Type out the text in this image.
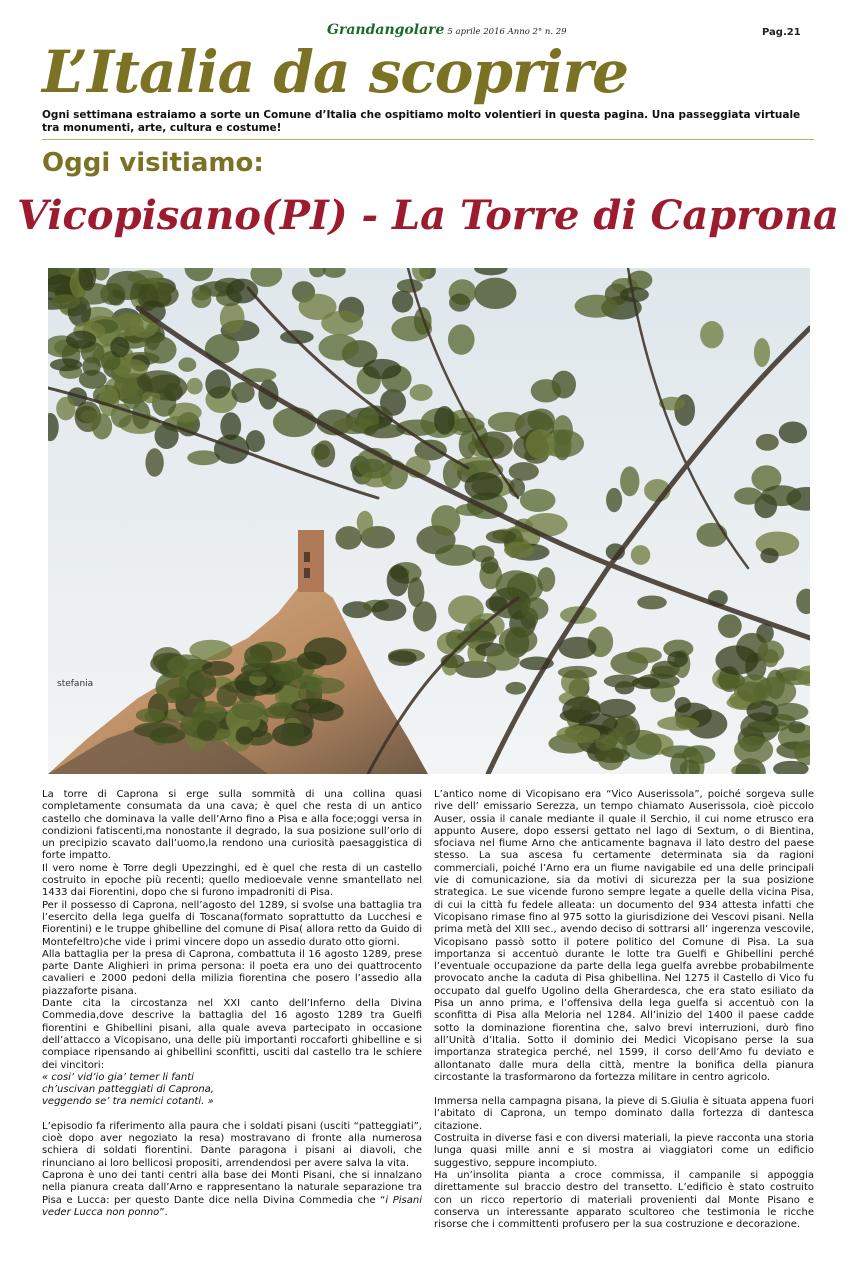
Grandangolare 5 aprile 2016 Anno 2° n. 29	Pag.21
L’Italia da scoprire
Ogni settimana estraiamo a sorte un Comune d’Italia che ospitiamo molto volentieri in questa pagina. Una passeggiata virtuale tra monumenti, arte, cultura e costume!
Oggi visitiamo:
Vicopisano(PI) - La Torre di Caprona
stefania

La torre di Caprona si erge sulla sommità di una collina quasi completamente consumata da una cava; è quel che resta di un antico castello che dominava la valle dell’Arno fino a Pisa e alla foce;oggi versa in condizioni fatiscenti,ma nonostante il degrado, la sua posizione sull’orlo di un precipizio scavato dall’uomo,la rendono una curiosità paesaggistica di forte impatto.

Il vero nome è Torre degli Upezzinghi, ed è quel che resta di un castello costruito in epoche più recenti; quello medioevale venne smantellato nel 1433 dai Fiorentini, dopo che si furono impadroniti di Pisa.

Per il possesso di Caprona, nell’agosto del 1289, si svolse una battaglia tra l’esercito della lega guelfa di Toscana(formato soprattutto da Lucchesi e Fiorentini) e le truppe ghibelline del comune di Pisa( allora retto da Guido di Montefeltro)che vide i primi vincere dopo un assedio durato otto giorni.

Alla battaglia per la presa di Caprona, combattuta il 16 agosto 1289, prese parte Dante Alighieri in prima persona: il poeta era uno dei quattrocento cavalieri e 2000 pedoni della milizia fiorentina che posero l’assedio alla piazzaforte pisana.

Dante cita la circostanza nel XXI canto dell’Inferno della Divina Commedia,dove descrive la battaglia del 16 agosto 1289 tra Guelfi fiorentini e Ghibellini pisani, alla quale aveva partecipato in occasione dell’attacco a Vicopisano, una delle più importanti roccaforti ghibelline e si compiace ripensando ai ghibellini sconfitti, usciti dal castello tra le schiere dei vincitori:

« cosi’ vid’io gia’ temer li fanti

ch’uscivan patteggiati di Caprona,

veggendo se’ tra nemici cotanti. »

L’episodio fa riferimento alla paura che i soldati pisani (usciti “patteggiati”, cioè dopo aver negoziato la resa) mostravano di fronte alla numerosa schiera di soldati fiorentini. Dante paragona i pisani ai diavoli, che rinunciano ai loro bellicosi propositi, arrendendosi per avere salva la vita.

Caprona è uno dei tanti centri alla base dei Monti Pisani, che si innalzano nella pianura creata dall’Arno e rappresentano la naturale separazione tra Pisa e Lucca: per questo Dante dice nella Divina Commedia che “i Pisani veder Lucca non ponno”.

L’antico nome di Vicopisano era “Vico Auserissola”, poiché sorgeva sulle rive dell’ emissario Serezza, un tempo chiamato Auserissola, cioè piccolo Auser, ossia il canale mediante il quale il Serchio, il cui nome etrusco era appunto Ausere, dopo essersi gettato nel lago di Sextum, o di Bientina, sfociava nel fiume Arno che anticamente bagnava il lato destro del paese stesso. La sua ascesa fu certamente determinata sia da ragioni commerciali, poiché l’Arno era un fiume navigabile ed una delle principali vie di comunicazione, sia da motivi di sicurezza per la sua posizione strategica. Le sue vicende furono sempre legate a quelle della vicina Pisa, di cui la città fu fedele alleata: un documento del 934 attesta infatti che Vicopisano rimase fino al 975 sotto la giurisdizione dei Vescovi pisani. Nella prima metà del XIII sec., avendo deciso di sottrarsi all’ ingerenza vescovile, Vicopisano passò sotto il potere politico del Comune di Pisa. La sua importanza si accentuò durante le lotte tra Guelfi e Ghibellini perché l’eventuale occupazione da parte della lega guelfa avrebbe probabilmente provocato anche la caduta di Pisa ghibellina. Nel 1275 il Castello di Vico fu occupato dal guelfo Ugolino della Gherardesca, che era stato esiliato da Pisa un anno prima, e l’offensiva della lega guelfa si accentuò con la sconfitta di Pisa alla Meloria nel 1284. All’inizio del 1400 il paese cadde sotto la dominazione fiorentina che, salvo brevi interruzioni, durò fino all’Unità d’Italia. Sotto il dominio dei Medici Vicopisano perse la sua importanza strategica perché, nel 1599, il corso dell’Amo fu deviato e allontanato dalle mura della città, mentre la bonifica della pianura circostante la trasformarono da fortezza militare in centro agricolo.

Immersa nella campagna pisana, la pieve di S.Giulia è situata appena fuori l’abitato di Caprona, un tempo dominato dalla fortezza di dantesca citazione.

Costruita in diverse fasi e con diversi materiali, la pieve racconta una storia lunga quasi mille anni e si mostra ai viaggiatori come un edificio suggestivo, seppure incompiuto.

Ha un’insolita pianta a croce commissa, il campanile si appoggia direttamente sul braccio destro del transetto. L’edificio è stato costruito con un ricco repertorio di materiali provenienti dal Monte Pisano e conserva un interessante apparato scultoreo che testimonia le ricche risorse che i committenti profusero per la sua costruzione e decorazione.
